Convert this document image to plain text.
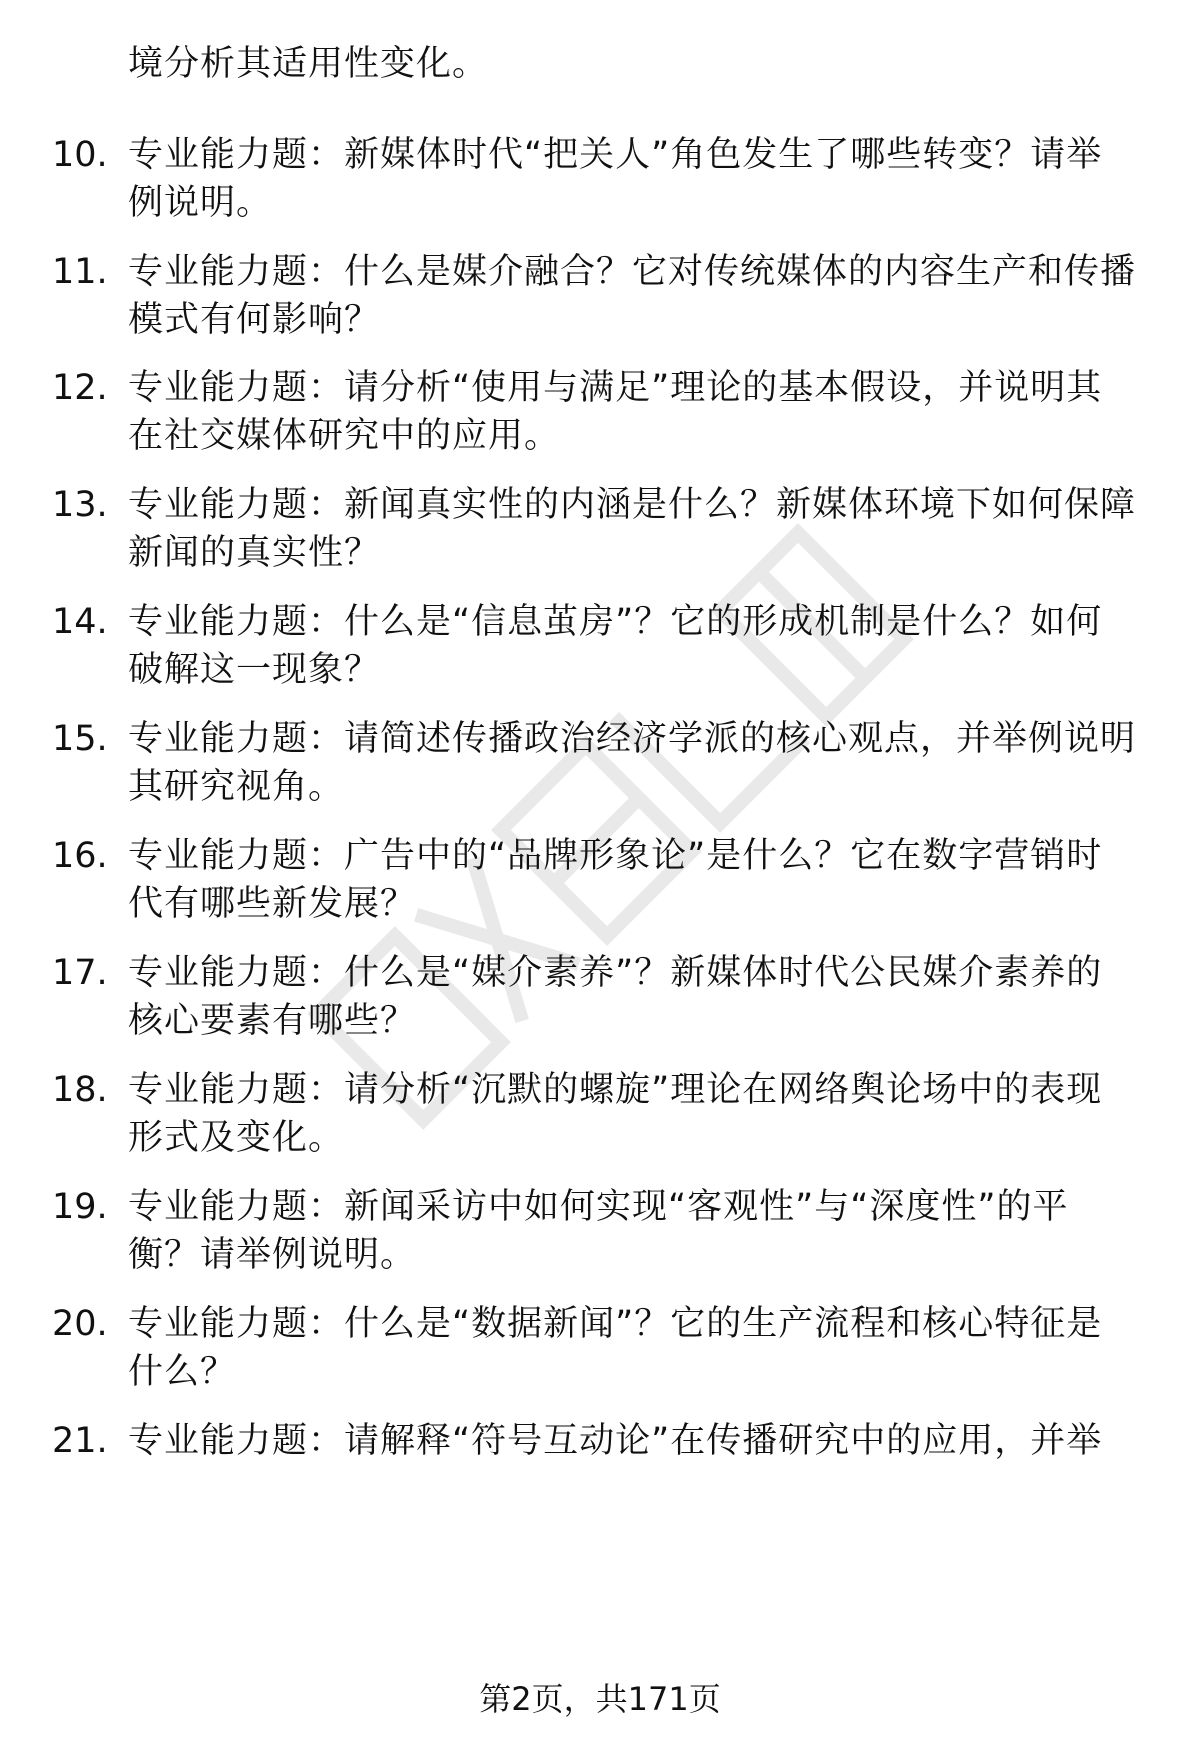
境分析其适用性变化。
10. 专业能力题：新媒体时代“把关人”角色发生了哪些转变？请举
例说明。
11. 专业能力题：什么是媒介融合？它对传统媒体的内容生产和传播
模式有何影响？
12. 专业能力题：请分析“使用与满足”理论的基本假设，并说明其
在社交媒体研究中的应用。
13. 专业能力题：新闻真实性的内涵是什么？新媒体环境下如何保障
新闻的真实性？
14. 专业能力题：什么是“信息茧房”？它的形成机制是什么？如何
破解这一现象？
15. 专业能力题：请简述传播政治经济学派的核心观点，并举例说明
其研究视角。
16. 专业能力题：广告中的“品牌形象论”是什么？它在数字营销时
代有哪些新发展？
17. 专业能力题：什么是“媒介素养”？新媒体时代公民媒介素养的
核心要素有哪些？
18. 专业能力题：请分析“沉默的螺旋”理论在网络舆论场中的表现
形式及变化。
19. 专业能力题：新闻采访中如何实现“客观性”与“深度性”的平
衡？请举例说明。
20. 专业能力题：什么是“数据新闻”？它的生产流程和核心特征是
什么？
21. 专业能力题：请解释“符号互动论”在传播研究中的应用，并举
第2页，共171页
